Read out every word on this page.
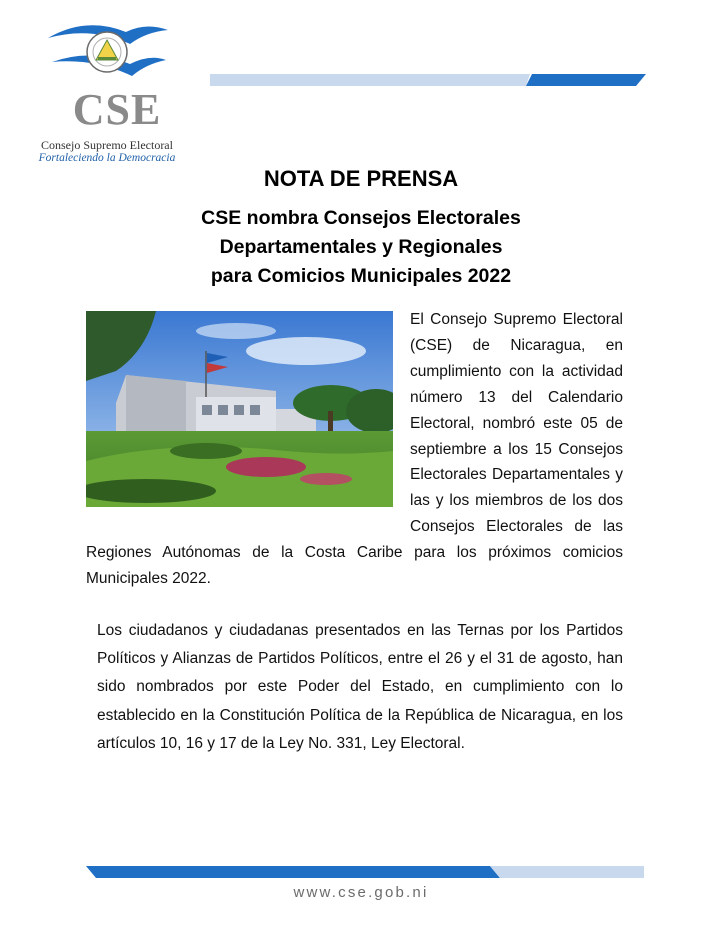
CSE
Consejo Supremo Electoral
Fortaleciendo la Democracia
NOTA DE PRENSA
CSE nombra Consejos Electorales
Departamentales y Regionales
para Comicios Municipales 2022
El Consejo Supremo Electoral (CSE) de Nicaragua, en cumplimiento con la actividad número 13 del Calendario Electoral, nombró este 05 de septiembre a los 15 Consejos Electorales Departamentales y las y los miembros de los dos Consejos Electorales de las Regiones Autónomas de la Costa Caribe para los próximos comicios Municipales 2022.
Los ciudadanos y ciudadanas presentados en las Ternas por los Partidos Políticos y Alianzas de Partidos Políticos, entre el 26 y el 31 de agosto, han sido nombrados por este Poder del Estado, en cumplimiento con lo establecido en la Constitución Política de la República de Nicaragua, en los artículos 10, 16 y 17 de la Ley No. 331, Ley Electoral.
www.cse.gob.ni
